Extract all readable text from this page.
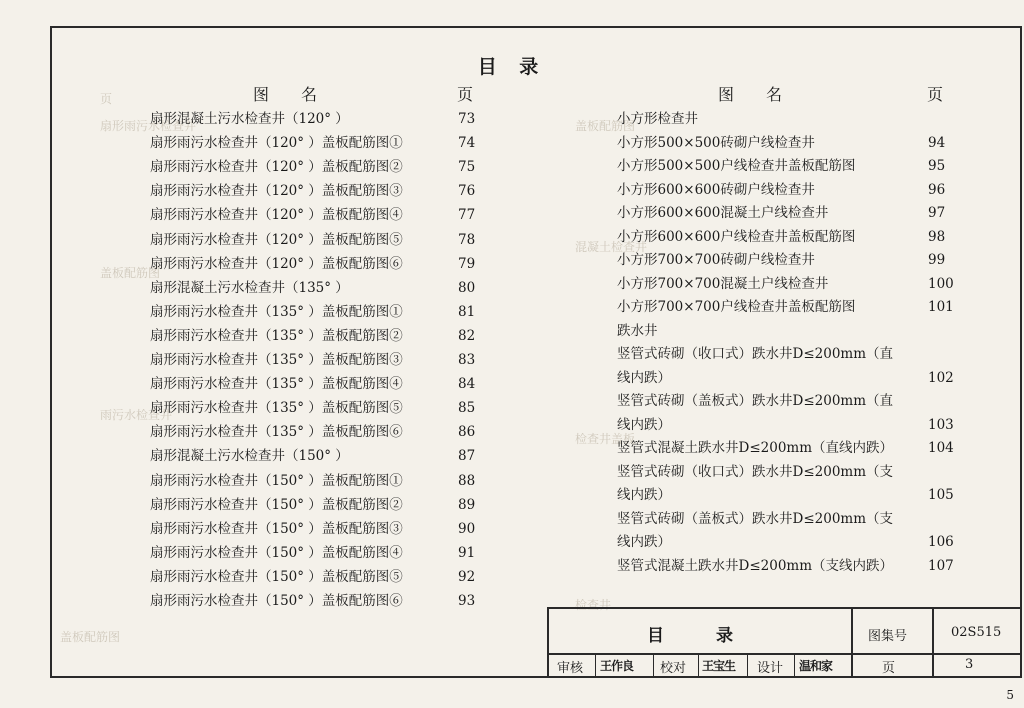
页
扇形雨污水检查井
盖板配筋图
雨污水检查井
盖板配筋图
混凝土检查井
检查井盖板
检查井
盖板配筋图
目 录
图　　名	页	图　　名	页
扇形混凝土污水检查井（120° ）	73
扇形雨污水检查井（120° ）盖板配筋图①	74
扇形雨污水检查井（120° ）盖板配筋图②	75
扇形雨污水检查井（120° ）盖板配筋图③	76
扇形雨污水检查井（120° ）盖板配筋图④	77
扇形雨污水检查井（120° ）盖板配筋图⑤	78
扇形雨污水检查井（120° ）盖板配筋图⑥	79
扇形混凝土污水检查井（135° ）	80
扇形雨污水检查井（135° ）盖板配筋图①	81
扇形雨污水检查井（135° ）盖板配筋图②	82
扇形雨污水检查井（135° ）盖板配筋图③	83
扇形雨污水检查井（135° ）盖板配筋图④	84
扇形雨污水检查井（135° ）盖板配筋图⑤	85
扇形雨污水检查井（135° ）盖板配筋图⑥	86
扇形混凝土污水检查井（150° ）	87
扇形雨污水检查井（150° ）盖板配筋图①	88
扇形雨污水检查井（150° ）盖板配筋图②	89
扇形雨污水检查井（150° ）盖板配筋图③	90
扇形雨污水检查井（150° ）盖板配筋图④	91
扇形雨污水检查井（150° ）盖板配筋图⑤	92
扇形雨污水检查井（150° ）盖板配筋图⑥	93
小方形检查井
小方形500×500砖砌户线检查井	94
小方形500×500户线检查井盖板配筋图	95
小方形600×600砖砌户线检查井	96
小方形600×600混凝土户线检查井	97
小方形600×600户线检查井盖板配筋图	98
小方形700×700砖砌户线检查井	99
小方形700×700混凝土户线检查井	100
小方形700×700户线检查井盖板配筋图	101
跌水井
竖管式砖砌（收口式）跌水井D≤200mm（直
线内跌）	102
竖管式砖砌（盖板式）跌水井D≤200mm（直
线内跌）	103
竖管式混凝土跌水井D≤200mm（直线内跌）	104
竖管式砖砌（收口式）跌水井D≤200mm（支
线内跌）	105
竖管式砖砌（盖板式）跌水井D≤200mm（支
线内跌）	106
竖管式混凝土跌水井D≤200mm（支线内跌）	107
目　　录	图集号	02S515
审核 王作良 校对 王宝生 设计 温和家	页	3
5
